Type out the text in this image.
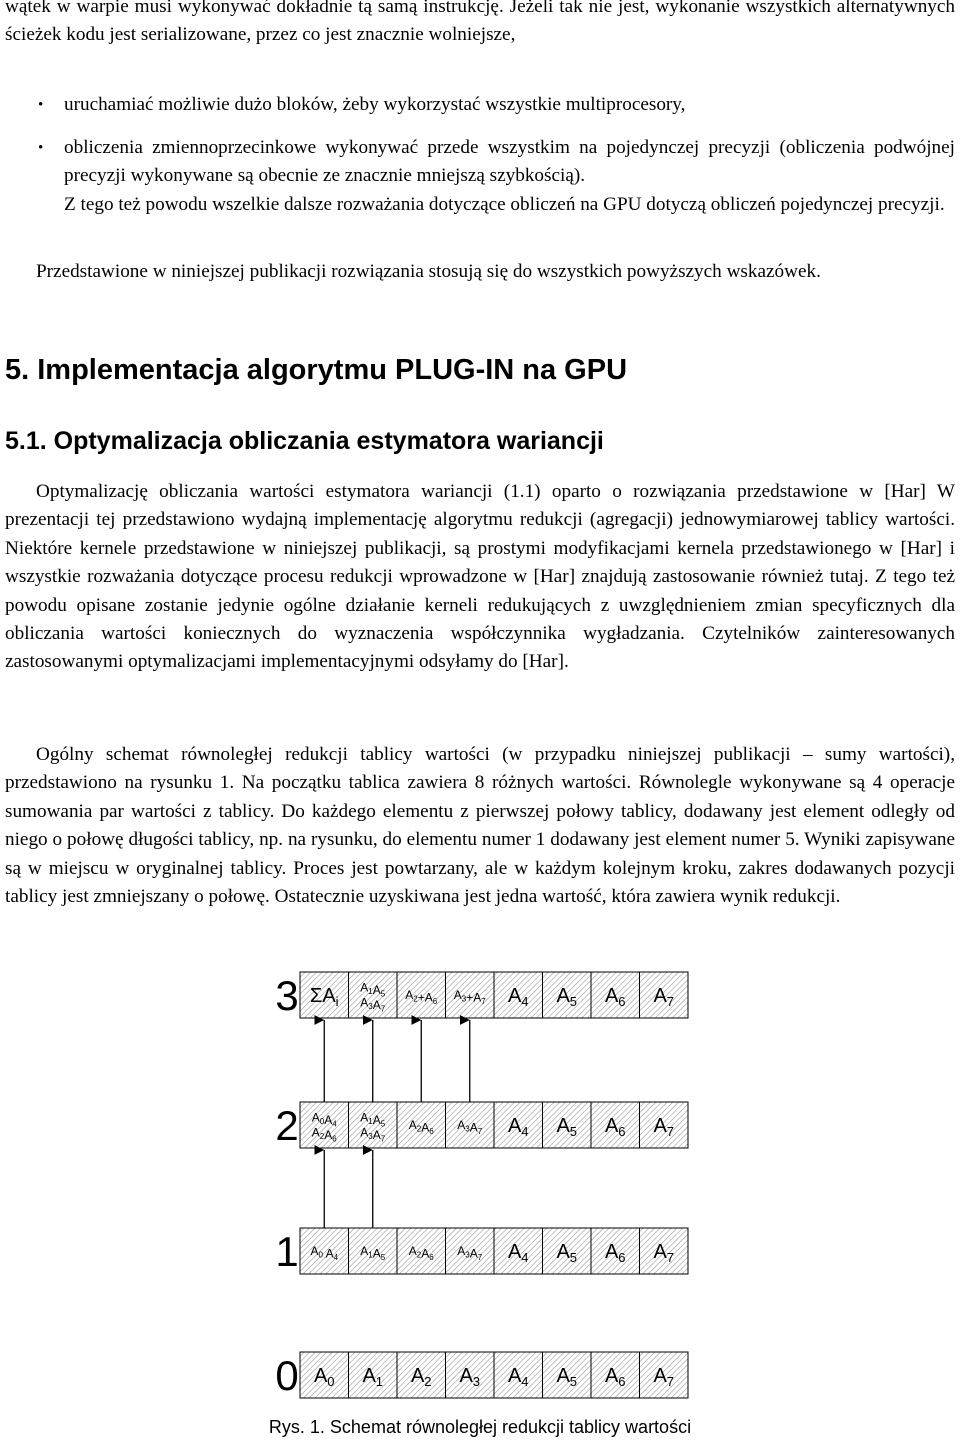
wątek w warpie musi wykonywać dokładnie tą samą instrukcję. Jeżeli tak nie jest, wykonanie wszystkich alternatywnych ścieżek kodu jest serializowane, przez co jest znacznie wolniejsze,

• uruchamiać możliwie dużo bloków, żeby wykorzystać wszystkie multiprocesory,

• obliczenia zmiennoprzecinkowe wykonywać przede wszystkim na pojedynczej precyzji (obliczenia podwójnej precyzji wykonywane są obecnie ze znacznie mniejszą szybkością).

Z tego też powodu wszelkie dalsze rozważania dotyczące obliczeń na GPU dotyczą obliczeń pojedynczej precyzji.

Przedstawione w niniejszej publikacji rozwiązania stosują się do wszystkich powyższych wskazówek.

5. Implementacja algorytmu PLUG-IN na GPU
5.1. Optymalizacja obliczania estymatora wariancji

Optymalizację obliczania wartości estymatora wariancji (1.1) oparto o rozwiązania przedstawione w [Har] W prezentacji tej przedstawiono wydajną implementację algorytmu redukcji (agregacji) jednowymiarowej tablicy wartości. Niektóre kernele przedstawione w niniejszej publikacji, są prostymi modyfikacjami kernela przedstawionego w [Har] i wszystkie rozważania dotyczące procesu redukcji wprowadzone w [Har] znajdują zastosowanie również tutaj. Z tego też powodu opisane zostanie jedynie ogólne działanie kerneli redukujących z uwzględnieniem zmian specyficznych dla obliczania wartości koniecznych do wyznaczenia współczynnika wygładzania. Czytelników zainteresowanych zastosowanymi optymalizacjami implementacyjnymi odsyłamy do [Har].

Ogólny schemat równoległej redukcji tablicy wartości (w przypadku niniejszej publikacji – sumy wartości), przedstawiono na rysunku 1. Na początku tablica zawiera 8 różnych wartości. Równolegle wykonywane są 4 operacje sumowania par wartości z tablicy. Do każdego elementu z pierwszej połowy tablicy, dodawany jest element odległy od niego o połowę długości tablicy, np. na rysunku, do elementu numer 1 dodawany jest element numer 5. Wyniki zapisywane są w miejscu w oryginalnej tablicy. Proces jest powtarzany, ale w każdym kolejnym kroku, zakres dodawanych pozycji tablicy jest zmniejszany o połowę. Ostatecznie uzyskiwana jest jedna wartość, która zawiera wynik redukcji.

3 $\Sigma A_i$
$A_1A_5$
$A_3A_7$
$A_2+A_6$ $A_3+A_7$ $A_4$ $A_5$ $A_6$ $A_7$
2 $A_0A_4$
$A_2A_6$
$A_1A_5$
$A_3A_7$
$A_2A_6$ $A_3A_7$ $A_4$ $A_5$ $A_6$ $A_7$
1 $A_0$ $A_4$ $A_1A_5$ $A_2A_6$ $A_3A_7$ $A_4$ $A_5$ $A_6$ $A_7$
0 $A_0$ $A_1$ $A_2$ $A_3$ $A_4$ $A_5$ $A_6$ $A_7$
Rys. 1. Schemat równoległej redukcji tablicy wartości
